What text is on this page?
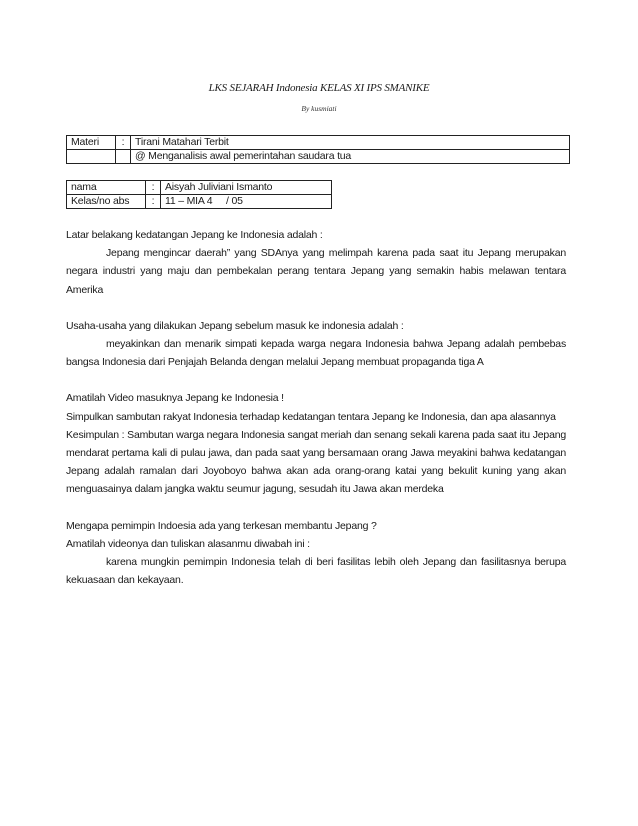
LKS SEJARAH Indonesia KELAS XI IPS SMANIKE
By kusmiati
Materi	:	Tirani Matahari Terbit
		@ Menganalisis awal pemerintahan saudara tua
nama	:	Aisyah Juliviani Ismanto
Kelas/no abs	:	11 – MIA 4     / 05

Latar belakang kedatangan Jepang ke Indonesia adalah :

Jepang mengincar daerah” yang SDAnya yang melimpah karena pada saat itu Jepang merupakan negara industri yang maju dan pembekalan perang tentara Jepang yang semakin habis melawan tentara Amerika

Usaha-usaha yang dilakukan Jepang sebelum masuk ke indonesia adalah :

meyakinkan dan menarik simpati kepada warga negara Indonesia bahwa Jepang adalah pembebas bangsa Indonesia dari Penjajah Belanda dengan melalui Jepang membuat propaganda tiga A

Amatilah Video masuknya Jepang ke Indonesia !

Simpulkan sambutan rakyat Indonesia terhadap kedatangan tentara Jepang ke Indonesia, dan apa alasannya

Kesimpulan : Sambutan warga negara Indonesia sangat meriah dan senang sekali karena pada saat itu Jepang mendarat pertama kali di pulau jawa, dan pada saat yang bersamaan orang Jawa meyakini bahwa kedatangan Jepang adalah ramalan dari Joyoboyo bahwa akan ada orang-orang katai yang bekulit kuning yang akan menguasainya dalam jangka waktu seumur jagung, sesudah itu Jawa akan merdeka

Mengapa pemimpin Indoesia ada yang terkesan membantu Jepang ?

Amatilah videonya dan tuliskan alasanmu diwabah ini :

karena mungkin pemimpin Indonesia telah di beri fasilitas lebih oleh Jepang dan fasilitasnya berupa kekuasaan dan kekayaan.
